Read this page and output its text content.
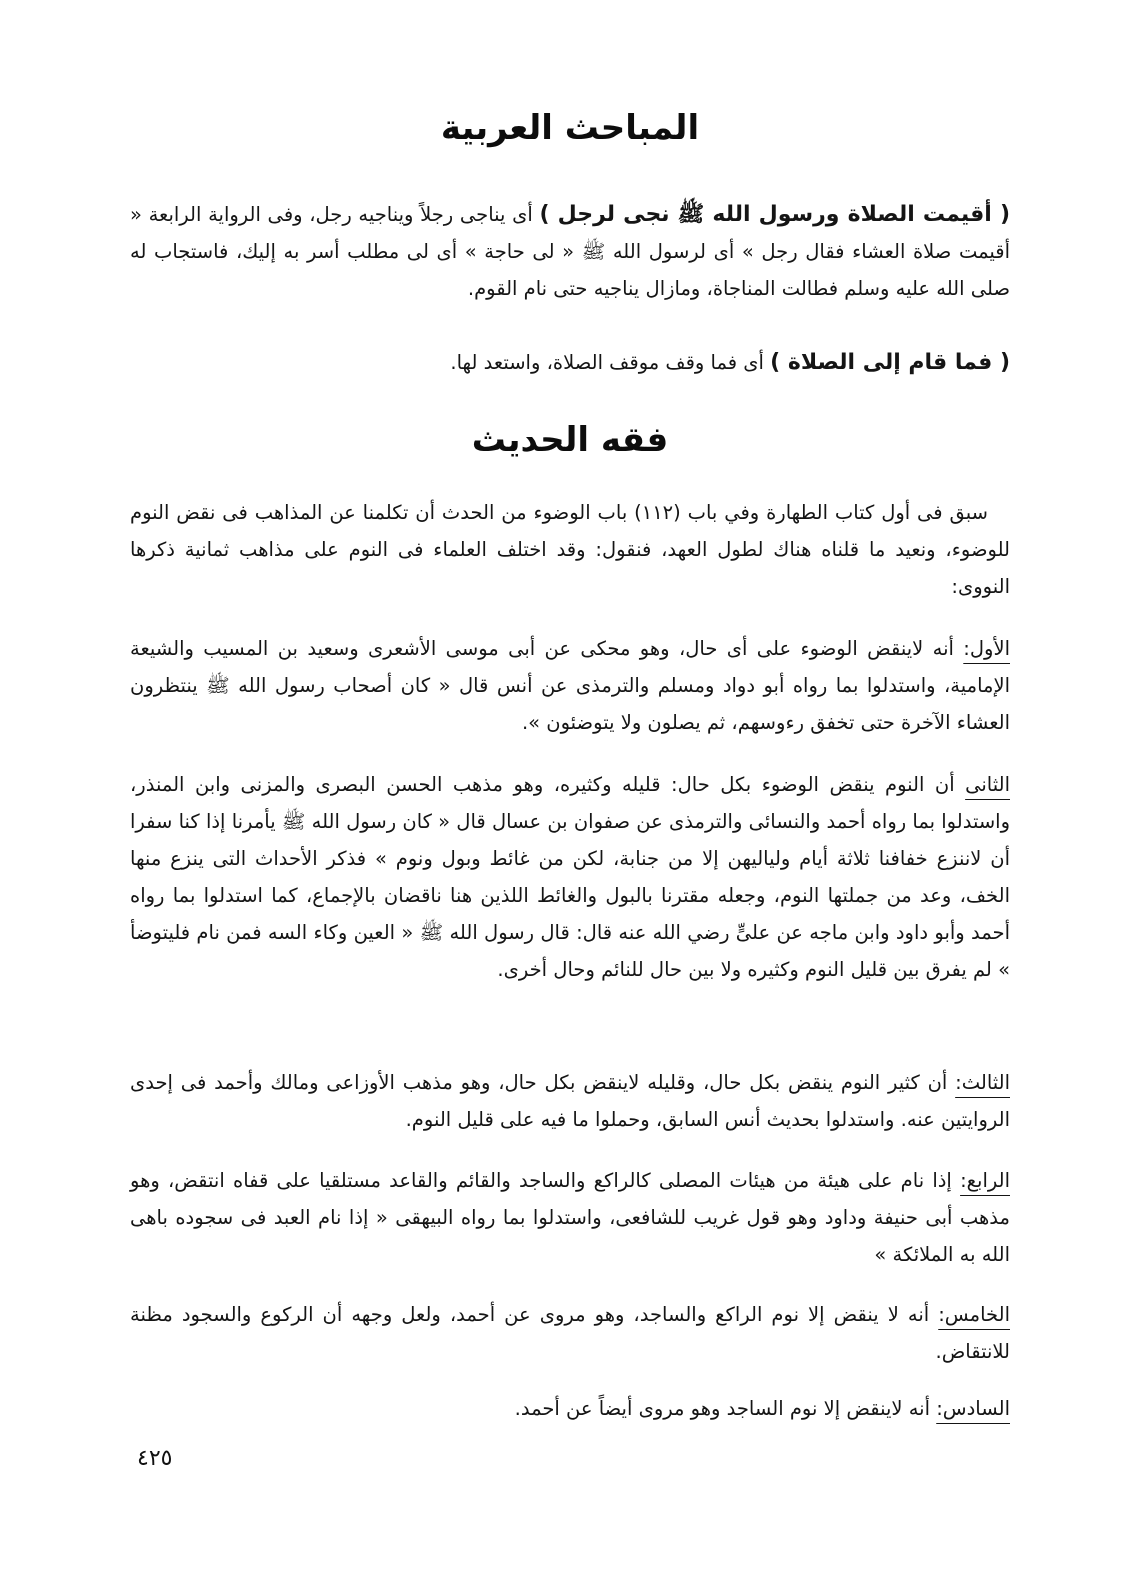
المباحث العربية
( أقيمت الصلاة ورسول الله ﷺ نجى لرجل ) أى يناجى رجلاً ويناجيه رجل، وفى الرواية الرابعة « أقيمت صلاة العشاء فقال رجل » أى لرسول الله ﷺ « لى حاجة » أى لى مطلب أسر به إليك، فاستجاب له صلى الله عليه وسلم فطالت المناجاة، ومازال يناجيه حتى نام القوم.
( فما قام إلى الصلاة ) أى فما وقف موقف الصلاة، واستعد لها.
فقه الحديث
سبق فى أول كتاب الطهارة وفي باب (١١٢) باب الوضوء من الحدث أن تكلمنا عن المذاهب فى نقض النوم للوضوء، ونعيد ما قلناه هناك لطول العهد، فنقول: وقد اختلف العلماء فى النوم على مذاهب ثمانية ذكرها النووى:
الأول: أنه لاينقض الوضوء على أى حال، وهو محكى عن أبى موسى الأشعرى وسعيد بن المسيب والشيعة الإمامية، واستدلوا بما رواه أبو دواد ومسلم والترمذى عن أنس قال « كان أصحاب رسول الله ﷺ ينتظرون العشاء الآخرة حتى تخفق رءوسهم، ثم يصلون ولا يتوضئون ».
الثانى أن النوم ينقض الوضوء بكل حال: قليله وكثيره، وهو مذهب الحسن البصرى والمزنى وابن المنذر، واستدلوا بما رواه أحمد والنسائى والترمذى عن صفوان بن عسال قال « كان رسول الله ﷺ يأمرنا إذا كنا سفرا أن لاننزع خفافنا ثلاثة أيام ولياليهن إلا من جنابة، لكن من غائط وبول ونوم » فذكر الأحداث التى ينزع منها الخف، وعد من جملتها النوم، وجعله مقترنا بالبول والغائط اللذين هنا ناقضان بالإجماع، كما استدلوا بما رواه أحمد وأبو داود وابن ماجه عن علىٍّ رضي الله عنه قال: قال رسول الله ﷺ « العين وكاء السه فمن نام فليتوضأ » لم يفرق بين قليل النوم وكثيره ولا بين حال للنائم وحال أخرى.
الثالث: أن كثير النوم ينقض بكل حال، وقليله لاينقض بكل حال، وهو مذهب الأوزاعى ومالك وأحمد فى إحدى الروايتين عنه. واستدلوا بحديث أنس السابق، وحملوا ما فيه على قليل النوم.
الرابع: إذا نام على هيئة من هيئات المصلى كالراكع والساجد والقائم والقاعد مستلقيا على قفاه انتقض، وهو مذهب أبى حنيفة وداود وهو قول غريب للشافعى، واستدلوا بما رواه البيهقى « إذا نام العبد فى سجوده باهى الله به الملائكة »
الخامس: أنه لا ينقض إلا نوم الراكع والساجد، وهو مروى عن أحمد، ولعل وجهه أن الركوع والسجود مظنة للانتقاض.
السادس: أنه لاينقض إلا نوم الساجد وهو مروى أيضاً عن أحمد.
٤٢٥
